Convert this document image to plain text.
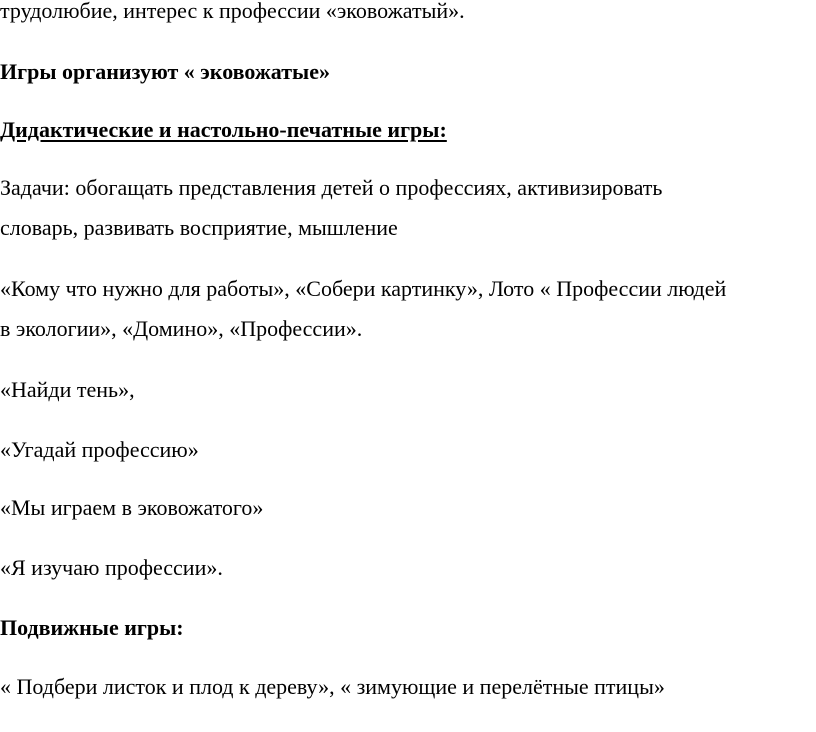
трудолюбие, интерес к профессии «эковожатый».

Игры организуют « эковожатые»

Дидактические и настольно-печатные игры:

Задачи: обогащать представления детей о профессиях, активизировать

словарь, развивать восприятие, мышление

«Кому что нужно для работы», «Собери картинку», Лото « Профессии людей

в экологии», «Домино», «Профессии».

«Найди тень»,

«Угадай профессию»

«Мы играем в эковожатого»

«Я изучаю профессии».

Подвижные игры:

« Подбери листок и плод к дереву», « зимующие и перелётные птицы»
